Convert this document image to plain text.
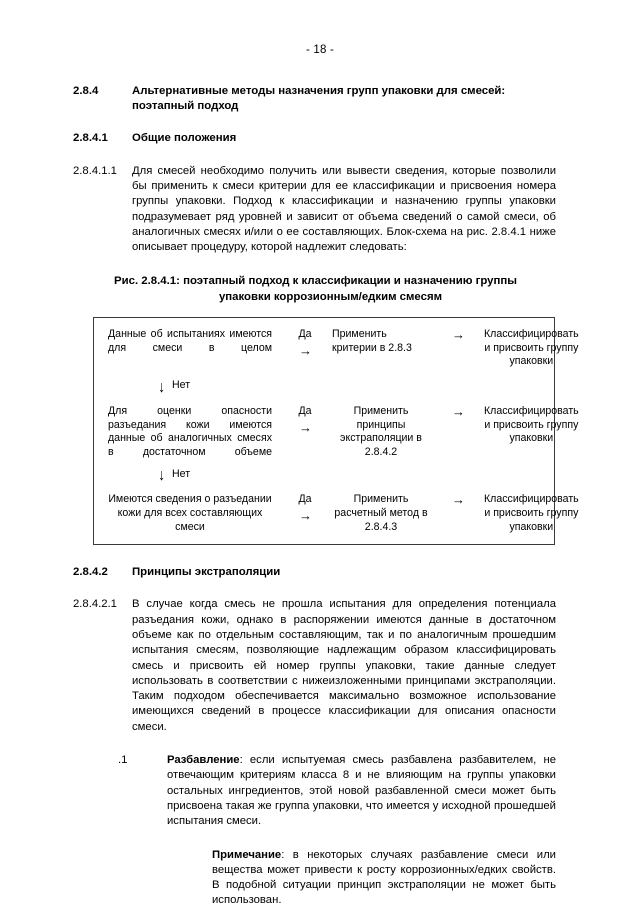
- 18 -
2.8.4	Альтернативные методы назначения групп упаковки для смесей: поэтапный подход
2.8.4.1	Общие положения
2.8.4.1.1	Для смесей необходимо получить или вывести сведения, которые позволили бы применить к смеси критерии для ее классификации и присвоения номера группы упаковки. Подход к классификации и назначению группы упаковки подразумевает ряд уровней и зависит от объема сведений о самой смеси, об аналогичных смесях и/или о ее составляющих. Блок-схема на рис. 2.8.4.1 ниже описывает процедуру, которой надлежит следовать:
Рис. 2.8.4.1: поэтапный подход к классификации и назначению группы
упаковки коррозионным/едким смесям
Данные об испытаниях имеются для смеси в целом
Да
→
Применить критерии в 2.8.3
→	Классифицировать и присвоить группу упаковки
↓ Нет
Для оценки опасности разъедания кожи имеются данные об аналогичных смесях в достаточном объеме
Да
→
Применить принципы экстраполяции в 2.8.4.2
→	Классифицировать и присвоить группу упаковки
↓ Нет
Имеются сведения о разъедании кожи для всех составляющих смеси
Да
→
Применить расчетный метод в 2.8.4.3
→	Классифицировать и присвоить группу упаковки
2.8.4.2	Принципы экстраполяции
2.8.4.2.1	В случае когда смесь не прошла испытания для определения потенциала разъедания кожи, однако в распоряжении имеются данные в достаточном объеме как по отдельным составляющим, так и по аналогичным прошедшим испытания смесям, позволяющие надлежащим образом классифицировать смесь и присвоить ей номер группы упаковки, такие данные следует использовать в соответствии с нижеизложенными принципами экстраполяции. Таким подходом обеспечивается максимально возможное использование имеющихся сведений в процессе классификации для описания опасности смеси.
.1	Разбавление: если испытуемая смесь разбавлена разбавителем, не отвечающим критериям класса 8 и не влияющим на группы упаковки остальных ингредиентов, этой новой разбавленной смеси может быть присвоена такая же группа упаковки, что имеется у исходной прошедшей испытания смеси.
Примечание: в некоторых случаях разбавление смеси или вещества может привести к росту коррозионных/едких свойств. В подобной ситуации принцип экстраполяции не может быть использован.
